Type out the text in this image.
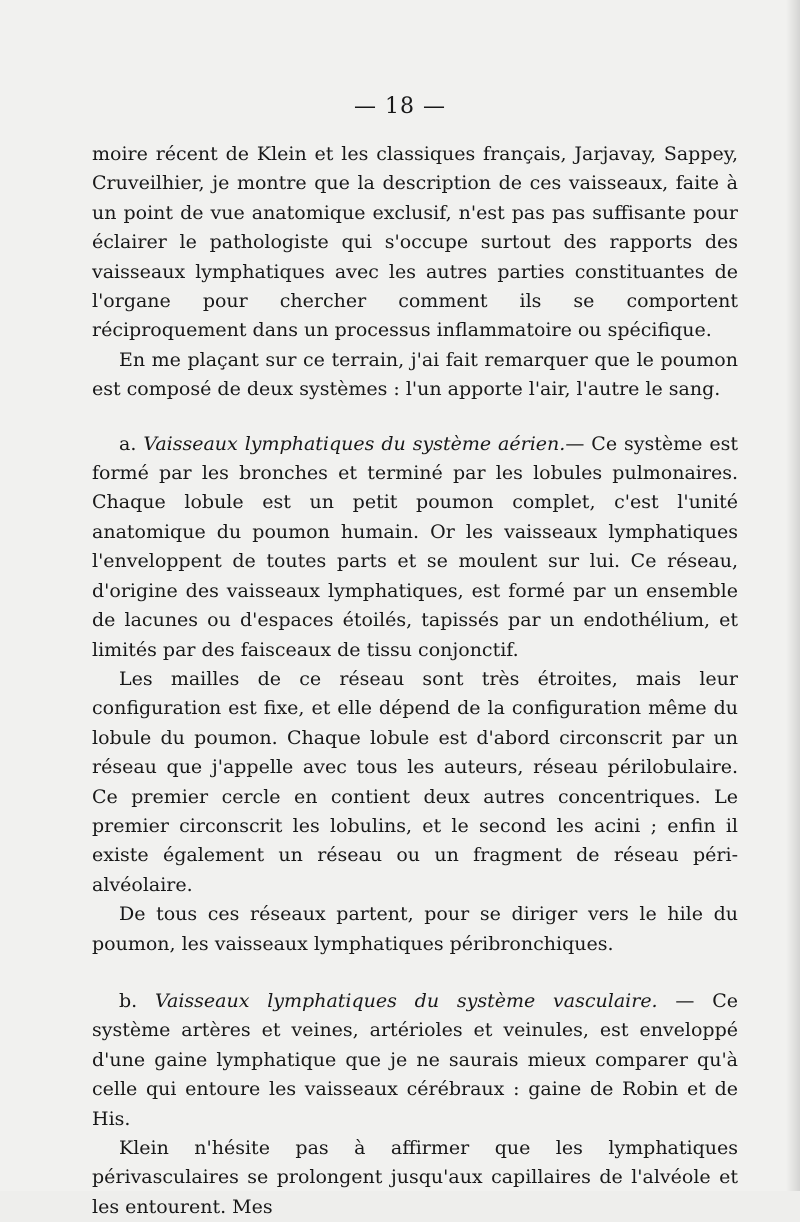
— 18 —

moire récent de Klein et les classiques français, Jarjavay, Sappey, Cruveilhier, je montre que la description de ces vaisseaux, faite à un point de vue anatomique exclusif, n'est pas pas suffisante pour éclairer le pathologiste qui s'occupe surtout des rapports des vaisseaux lymphatiques avec les autres parties constituantes de l'organe pour chercher comment ils se comportent réciproquement dans un processus inflammatoire ou spécifique.

En me plaçant sur ce terrain, j'ai fait remarquer que le poumon est composé de deux systèmes : l'un apporte l'air, l'autre le sang.

a. Vaisseaux lymphatiques du système aérien.— Ce système est formé par les bronches et terminé par les lobules pulmonaires. Chaque lobule est un petit poumon complet, c'est l'unité anatomique du poumon humain. Or les vaisseaux lymphatiques l'enveloppent de toutes parts et se moulent sur lui. Ce réseau, d'origine des vaisseaux lymphatiques, est formé par un ensemble de lacunes ou d'espaces étoilés, tapissés par un endothélium, et limités par des faisceaux de tissu conjonctif.

Les mailles de ce réseau sont très étroites, mais leur configuration est fixe, et elle dépend de la configuration même du lobule du poumon. Chaque lobule est d'abord circonscrit par un réseau que j'appelle avec tous les auteurs, réseau périlobulaire. Ce premier cercle en contient deux autres concentriques. Le premier circonscrit les lobulins, et le second les acini ; enfin il existe également un réseau ou un fragment de réseau péri-alvéolaire.

De tous ces réseaux partent, pour se diriger vers le hile du poumon, les vaisseaux lymphatiques péribronchiques.

b. Vaisseaux lymphatiques du système vasculaire. — Ce système artères et veines, artérioles et veinules, est enveloppé d'une gaine lymphatique que je ne saurais mieux comparer qu'à celle qui entoure les vaisseaux cérébraux : gaine de Robin et de His.

Klein n'hésite pas à affirmer que les lymphatiques périvasculaires se prolongent jusqu'aux capillaires de l'alvéole et les entourent. Mes
